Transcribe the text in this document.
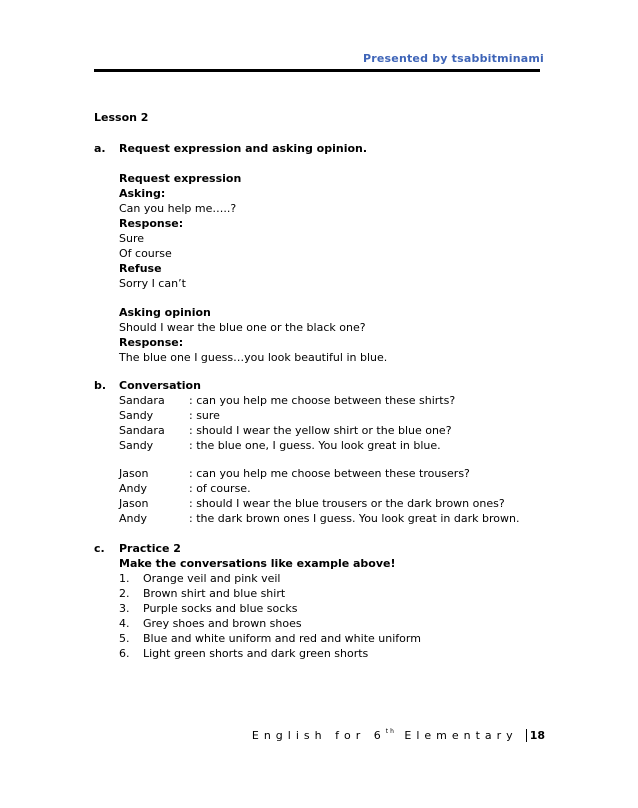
Presented by tsabbitminami
Lesson 2
a. Request expression and asking opinion.
Request expression
Asking:
Can you help me…..?
Response:
Sure
Of course
Refuse
Sorry I can’t
Asking opinion
Should I wear the blue one or the black one?
Response:
The blue one I guess…you look beautiful in blue.
b. Conversation
Sandara : can you help me choose between these shirts?
Sandy	: sure
Sandara : should I wear the yellow shirt or the blue one?
Sandy	: the blue one, I guess. You look great in blue.
Jason	: can you help me choose between these trousers?
Andy	: of course.
Jason	: should I wear the blue trousers or the dark brown ones?
Andy	: the dark brown ones I guess. You look great in dark brown.
c. Practice 2
Make the conversations like example above!
1. Orange veil and pink veil
2. Brown shirt and blue shirt
3. Purple socks and blue socks
4. Grey shoes and brown shoes
5. Blue and white uniform and red and white uniform
6. Light green shorts and dark green shorts
English for 6th Elementary	18
